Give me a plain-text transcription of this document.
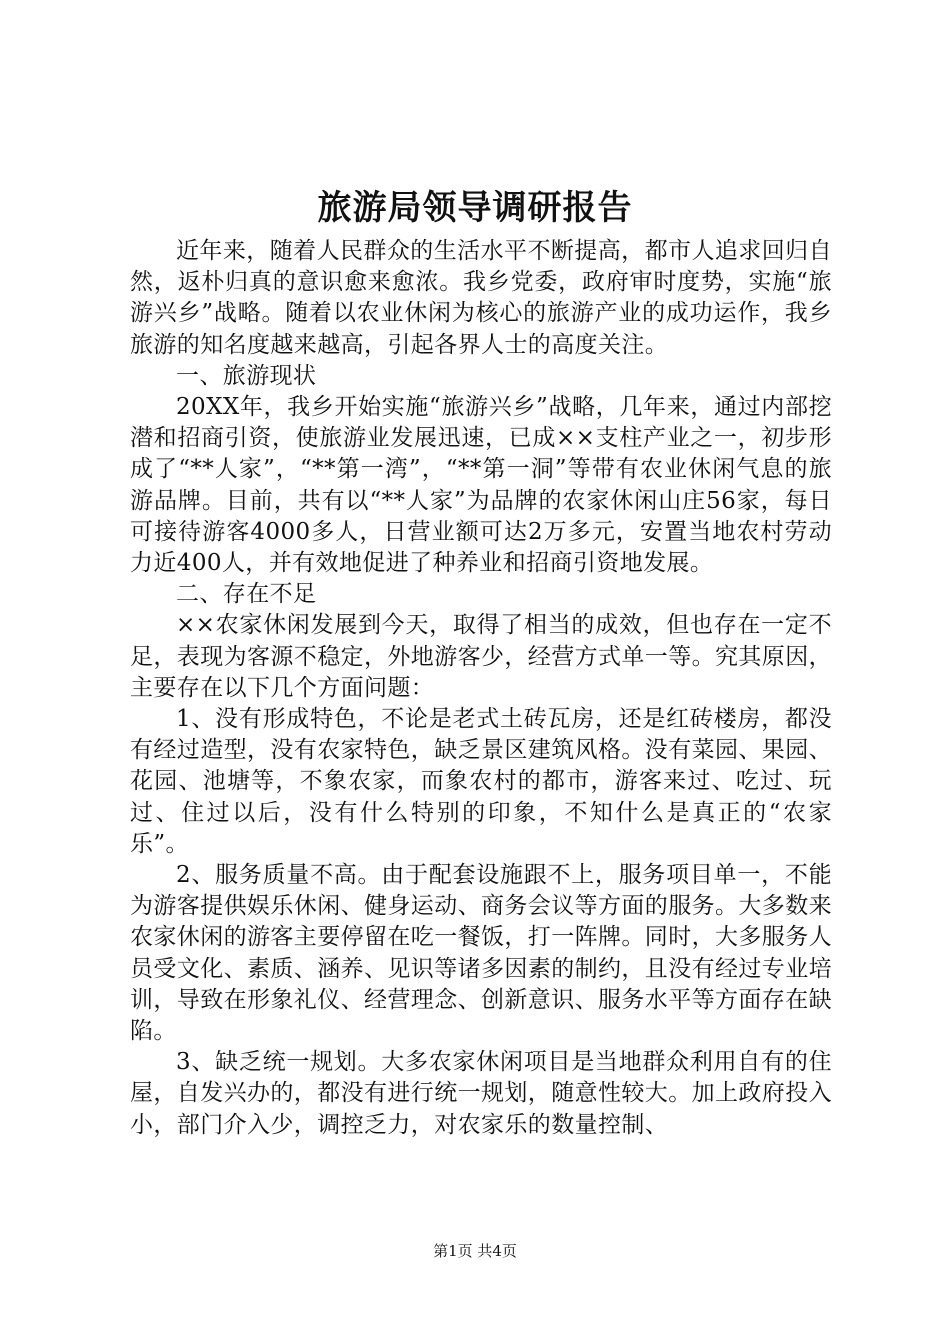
旅游局领导调研报告

近年来，随着人民群众的生活水平不断提高，都市人追求回归自然，返朴归真的意识愈来愈浓。我乡党委，政府审时度势，实施“旅游兴乡”战略。随着以农业休闲为核心的旅游产业的成功运作，我乡旅游的知名度越来越高，引起各界人士的高度关注。

一、旅游现状

20XX年，我乡开始实施“旅游兴乡”战略，几年来，通过内部挖潜和招商引资，使旅游业发展迅速，已成××支柱产业之一，初步形成了“**人家”，“**第一湾”，“**第一洞”等带有农业休闲气息的旅游品牌。目前，共有以“**人家”为品牌的农家休闲山庄56家，每日可接待游客4000多人，日营业额可达2万多元，安置当地农村劳动力近400人，并有效地促进了种养业和招商引资地发展。

二、存在不足

××农家休闲发展到今天，取得了相当的成效，但也存在一定不足，表现为客源不稳定，外地游客少，经营方式单一等。究其原因，主要存在以下几个方面问题：

1、没有形成特色，不论是老式土砖瓦房，还是红砖楼房，都没有经过造型，没有农家特色，缺乏景区建筑风格。没有菜园、果园、花园、池塘等，不象农家，而象农村的都市，游客来过、吃过、玩过、住过以后，没有什么特别的印象，不知什么是真正的“农家乐”。

2、服务质量不高。由于配套设施跟不上，服务项目单一，不能为游客提供娱乐休闲、健身运动、商务会议等方面的服务。大多数来农家休闲的游客主要停留在吃一餐饭，打一阵牌。同时，大多服务人员受文化、素质、涵养、见识等诸多因素的制约，且没有经过专业培训，导致在形象礼仪、经营理念、创新意识、服务水平等方面存在缺陷。

3、缺乏统一规划。大多农家休闲项目是当地群众利用自有的住屋，自发兴办的，都没有进行统一规划，随意性较大。加上政府投入小，部门介入少，调控乏力，对农家乐的数量控制、

第1页 共4页
